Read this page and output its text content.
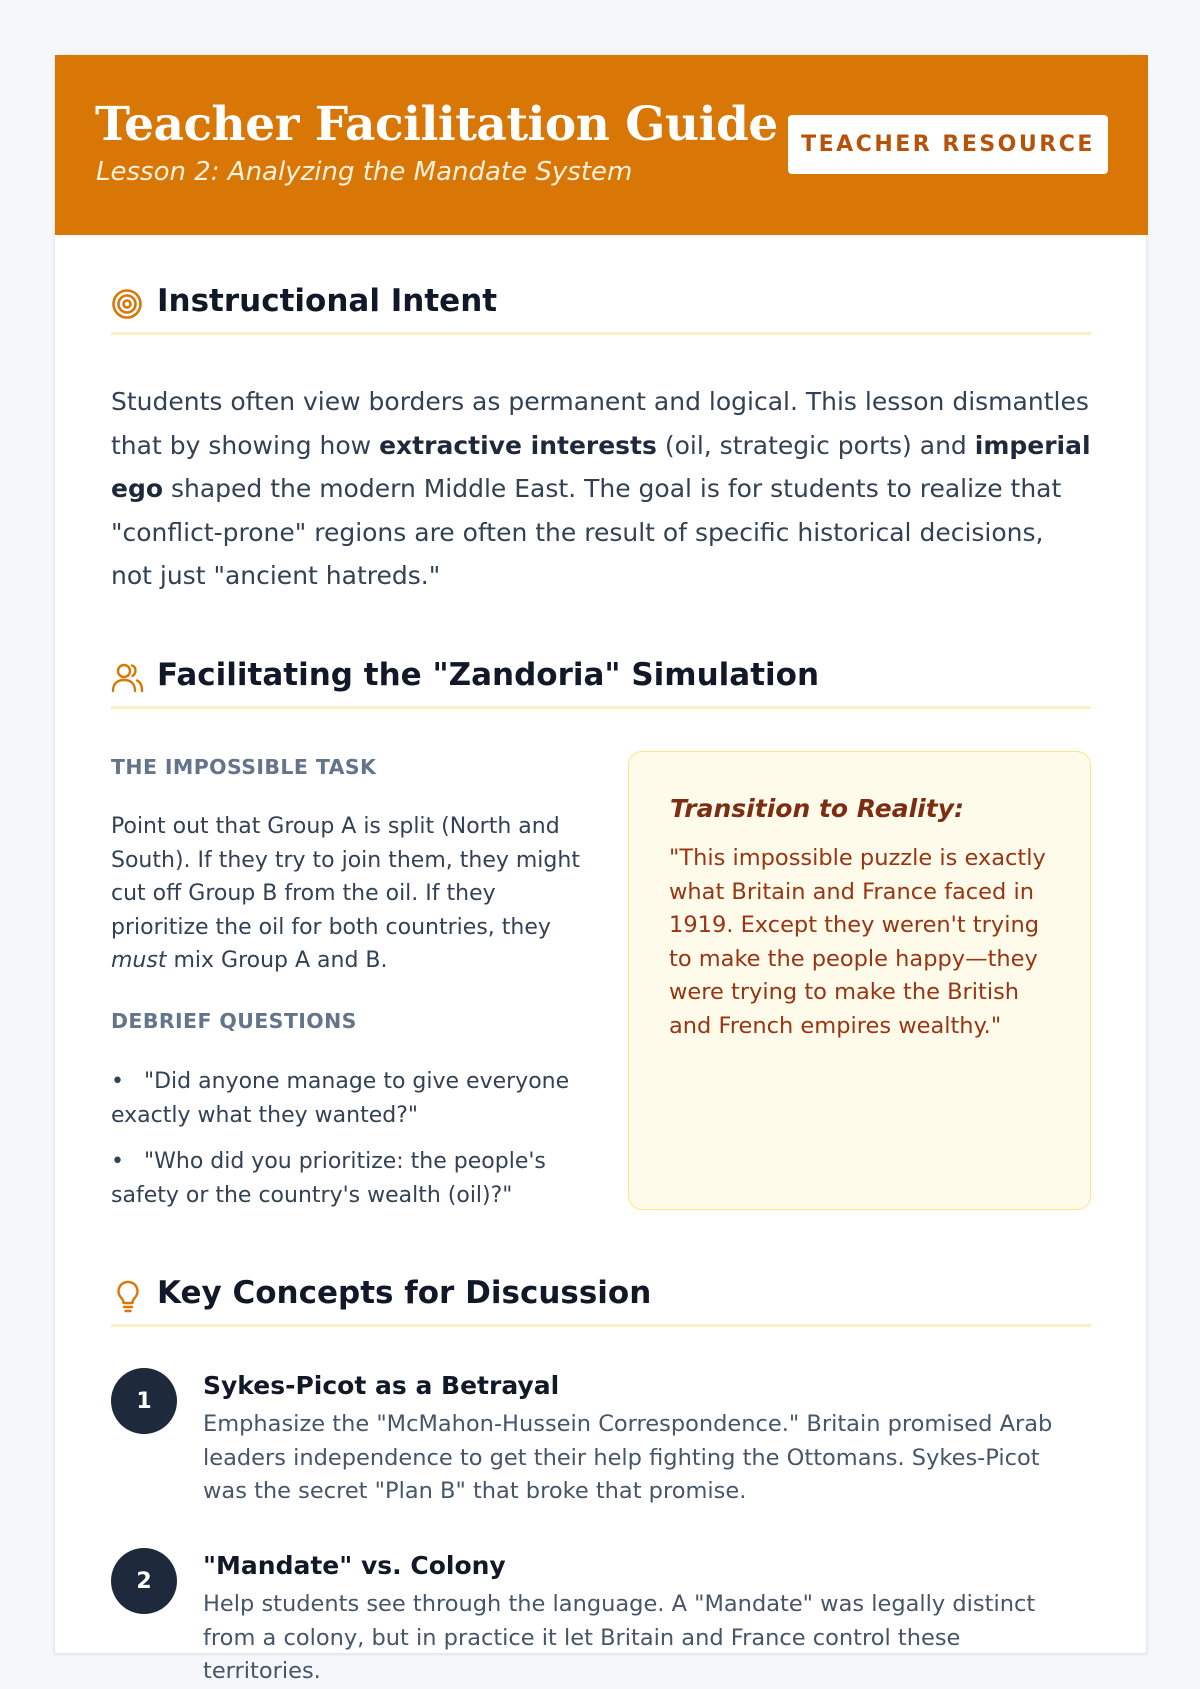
Teacher Facilitation Guide
Lesson 2: Analyzing the Mandate System
TEACHER RESOURCE
Instructional Intent

Students often view borders as permanent and logical. This lesson dismantles that by showing how extractive interests (oil, strategic ports) and imperial ego shaped the modern Middle East. The goal is for students to realize that "conflict-prone" regions are often the result of specific historical decisions, not just "ancient hatreds."

Facilitating the "Zandoria" Simulation
THE IMPOSSIBLE TASK

Point out that Group A is split (North and South). If they try to join them, they might cut off Group B from the oil. If they prioritize the oil for both countries, they must mix Group A and B.

DEBRIEF QUESTIONS
• "Did anyone manage to give everyone exactly what they wanted?"
• "Who did you prioritize: the people's safety or the country's wealth (oil)?"
Transition to Reality:

"This impossible puzzle is exactly what Britain and France faced in 1919. Except they weren't trying to make the people happy—they were trying to make the British and French empires wealthy."

Key Concepts for Discussion
1
Sykes-Picot as a Betrayal

Emphasize the "McMahon-Hussein Correspondence." Britain promised Arab leaders independence to get their help fighting the Ottomans. Sykes-Picot was the secret "Plan B" that broke that promise.

2
"Mandate" vs. Colony

Help students see through the language. A "Mandate" was legally distinct from a colony, but in practice it let Britain and France control these territories.
